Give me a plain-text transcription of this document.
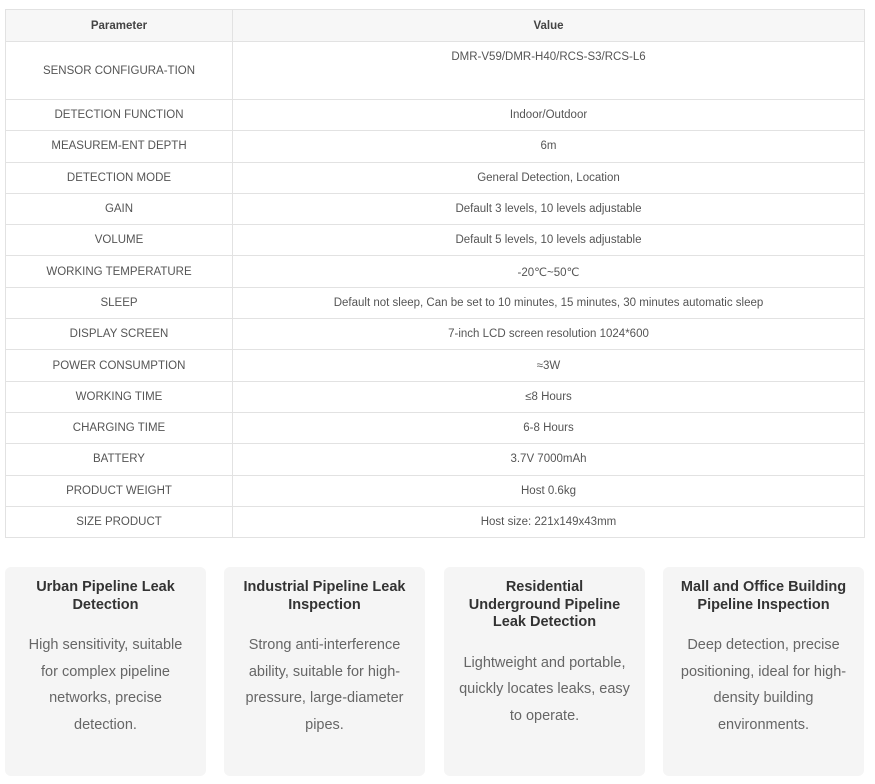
Parameter	Value
SENSOR CONFIGURA-TION	DMR-V59/DMR-H40/RCS-S3/RCS-L6
DETECTION FUNCTION	Indoor/Outdoor
MEASUREM-ENT DEPTH	6m
DETECTION MODE	General Detection, Location
GAIN	Default 3 levels, 10 levels adjustable
VOLUME	Default 5 levels, 10 levels adjustable
WORKING TEMPERATURE	-20℃~50℃
SLEEP	Default not sleep, Can be set to 10 minutes, 15 minutes, 30 minutes automatic sleep
DISPLAY SCREEN	7-inch LCD screen resolution 1024*600
POWER CONSUMPTION	≈3W
WORKING TIME	≤8 Hours
CHARGING TIME	6-8 Hours
BATTERY	3.7V 7000mAh
PRODUCT WEIGHT	Host 0.6kg
SIZE PRODUCT	Host size: 221x149x43mm

Urban Pipeline Leak Detection

High sensitivity, suitable for complex pipeline networks, precise detection.

Industrial Pipeline Leak Inspection

Strong anti-interference ability, suitable for high-pressure, large-diameter pipes.

Residential Underground Pipeline Leak Detection

Lightweight and portable, quickly locates leaks, easy to operate.

Mall and Office Building Pipeline Inspection

Deep detection, precise positioning, ideal for high-density building environments.
